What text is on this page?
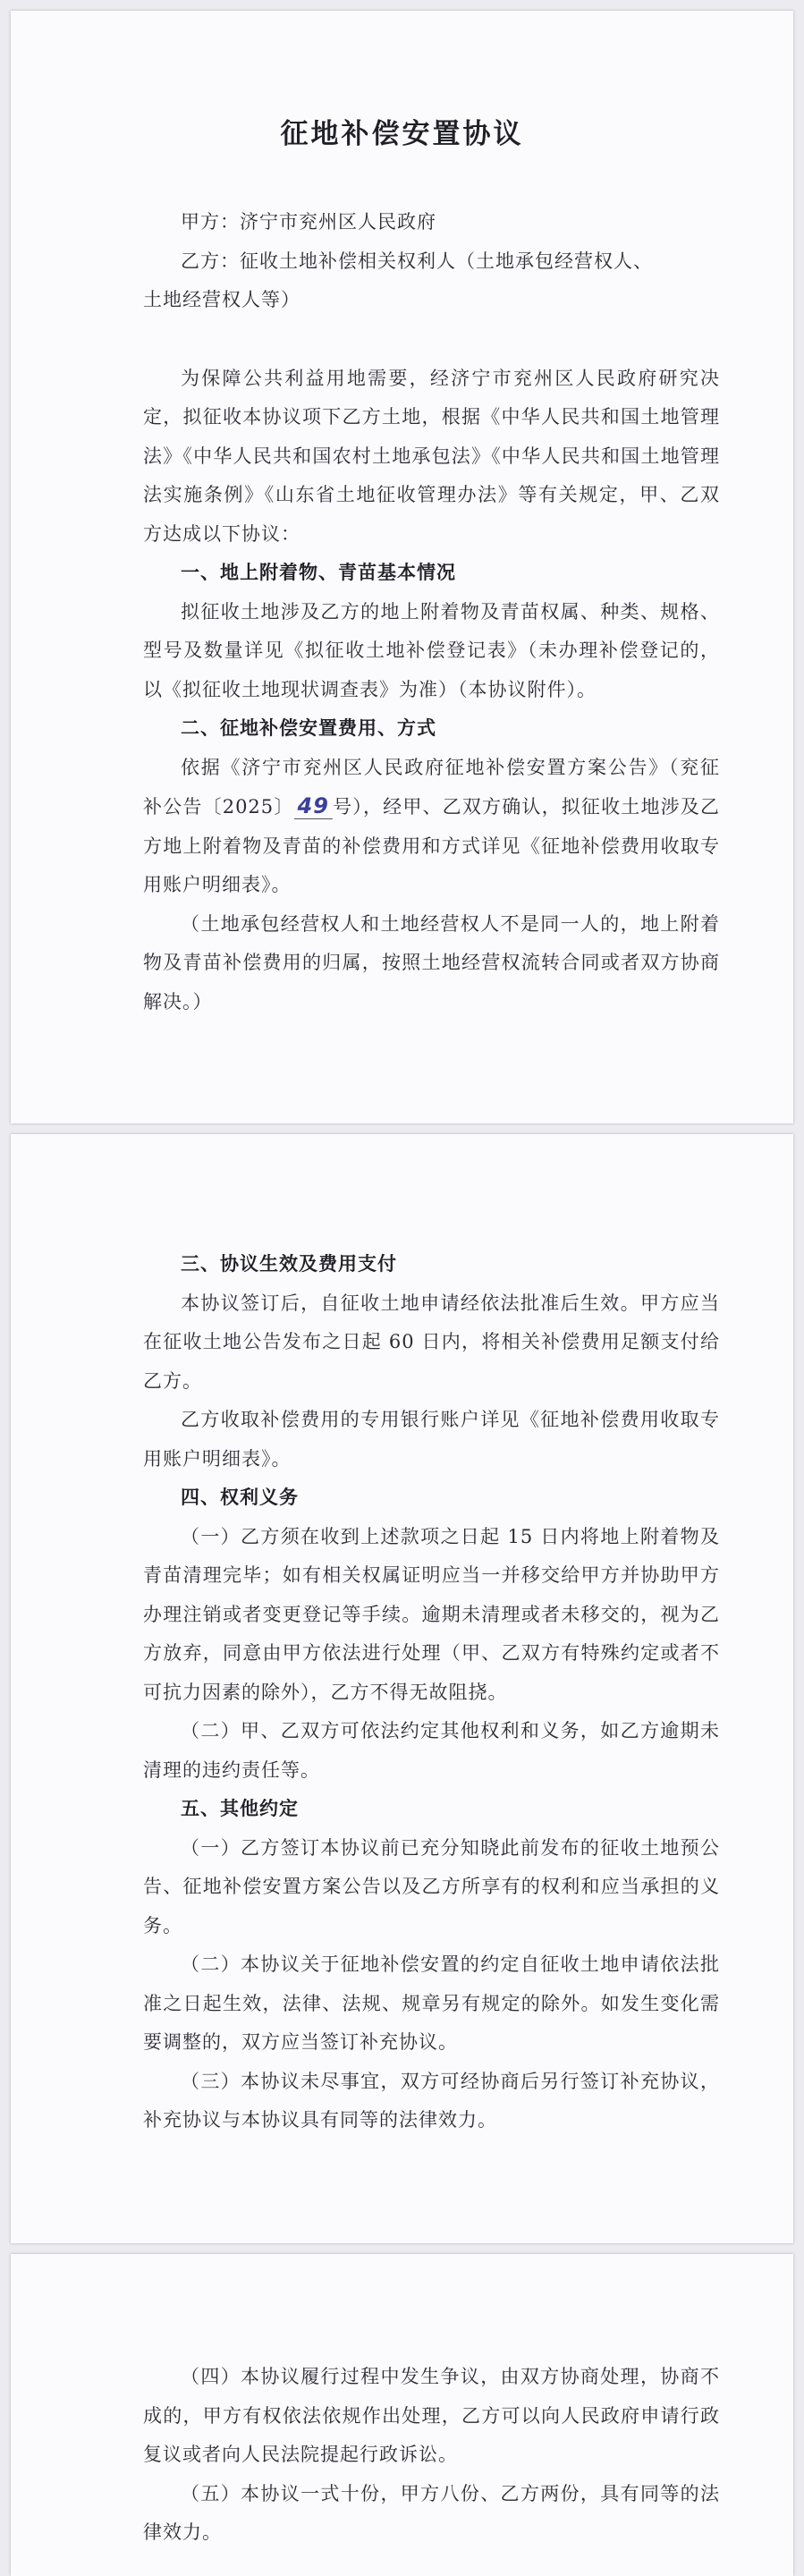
征地补偿安置协议

甲方：济宁市兖州区人民政府

乙方：征收土地补偿相关权利人（土地承包经营权人、

土地经营权人等）

为保障公共利益用地需要，经济宁市兖州区人民政府研究决定，拟征收本协议项下乙方土地，根据《中华人民共和国土地管理法》《中华人民共和国农村土地承包法》《中华人民共和国土地管理法实施条例》《山东省土地征收管理办法》等有关规定，甲、乙双方达成以下协议：

一、地上附着物、青苗基本情况

拟征收土地涉及乙方的地上附着物及青苗权属、种类、规格、型号及数量详见《拟征收土地补偿登记表》（未办理补偿登记的，以《拟征收土地现状调查表》为准）（本协议附件）。

二、征地补偿安置费用、方式

依据《济宁市兖州区人民政府征地补偿安置方案公告》（兖征补公告〔2025〕 49 号），经甲、乙双方确认，拟征收土地涉及乙方地上附着物及青苗的补偿费用和方式详见《征地补偿费用收取专用账户明细表》。

（土地承包经营权人和土地经营权人不是同一人的，地上附着物及青苗补偿费用的归属，按照土地经营权流转合同或者双方协商解决。）

三、协议生效及费用支付

本协议签订后，自征收土地申请经依法批准后生效。甲方应当在征收土地公告发布之日起 60 日内，将相关补偿费用足额支付给乙方。

乙方收取补偿费用的专用银行账户详见《征地补偿费用收取专用账户明细表》。

四、权利义务

（一）乙方须在收到上述款项之日起 15 日内将地上附着物及青苗清理完毕；如有相关权属证明应当一并移交给甲方并协助甲方办理注销或者变更登记等手续。逾期未清理或者未移交的，视为乙方放弃，同意由甲方依法进行处理（甲、乙双方有特殊约定或者不可抗力因素的除外），乙方不得无故阻挠。

（二）甲、乙双方可依法约定其他权利和义务，如乙方逾期未清理的违约责任等。

五、其他约定

（一）乙方签订本协议前已充分知晓此前发布的征收土地预公告、征地补偿安置方案公告以及乙方所享有的权利和应当承担的义务。

（二）本协议关于征地补偿安置的约定自征收土地申请依法批准之日起生效，法律、法规、规章另有规定的除外。如发生变化需要调整的，双方应当签订补充协议。

（三）本协议未尽事宜，双方可经协商后另行签订补充协议，补充协议与本协议具有同等的法律效力。

（四）本协议履行过程中发生争议，由双方协商处理，协商不成的，甲方有权依法依规作出处理，乙方可以向人民政府申请行政复议或者向人民法院提起行政诉讼。

（五）本协议一式十份，甲方八份、乙方两份，具有同等的法律效力。
